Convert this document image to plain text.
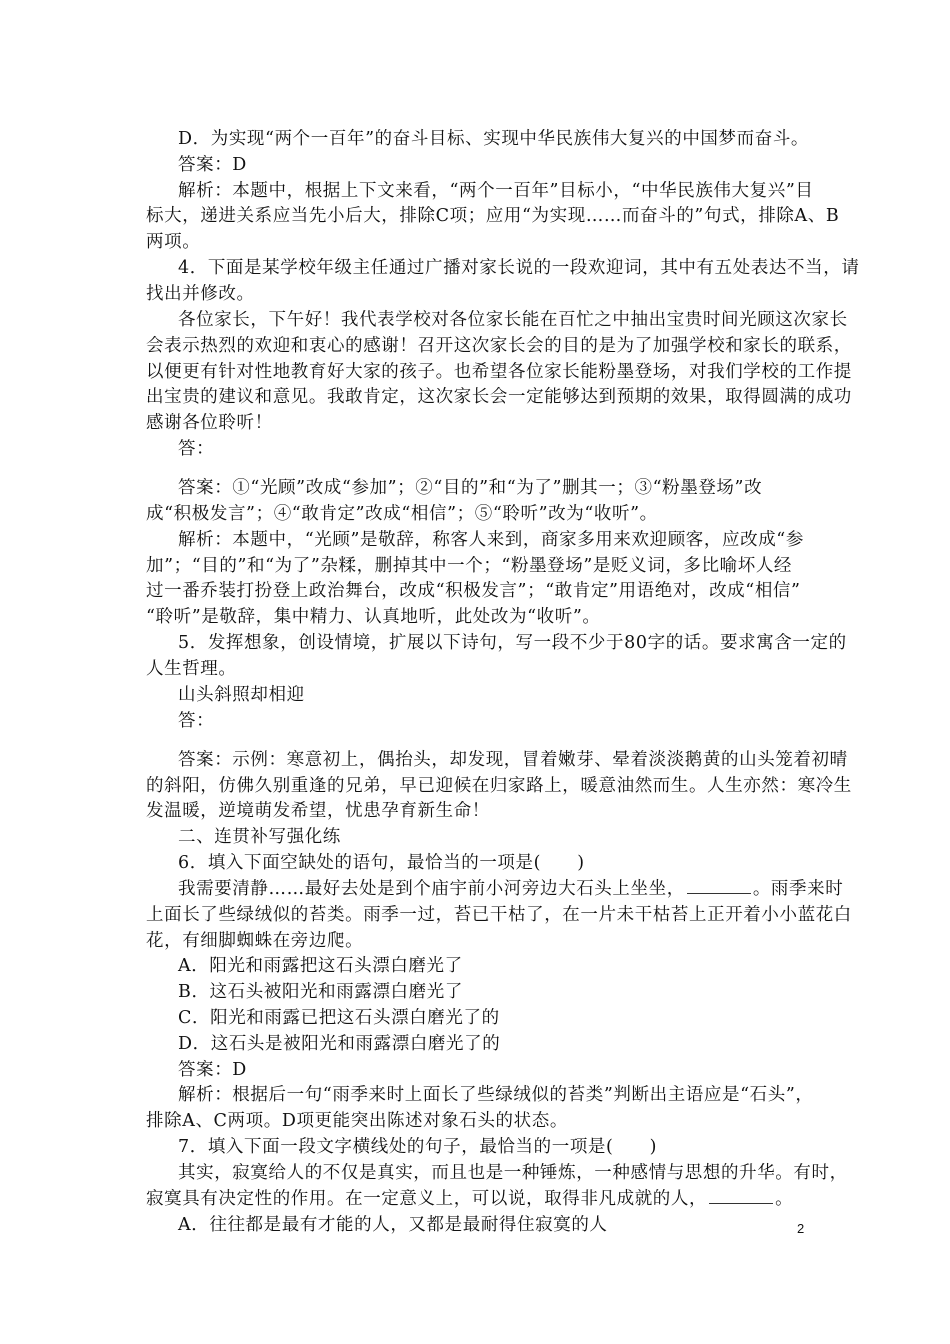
D．为实现“两个一百年”的奋斗目标、实现中华民族伟大复兴的中国梦而奋斗。
答案：D
解析：本题中，根据上下文来看，“两个一百年”目标小，“中华民族伟大复兴”目
标大，递进关系应当先小后大，排除C项；应用“为实现……而奋斗的”句式，排除A、B
两项。
4．下面是某学校年级主任通过广播对家长说的一段欢迎词，其中有五处表达不当，请
找出并修改。
各位家长，下午好！我代表学校对各位家长能在百忙之中抽出宝贵时间光顾这次家长
会表示热烈的欢迎和衷心的感谢！召开这次家长会的目的是为了加强学校和家长的联系，
以便更有针对性地教育好大家的孩子。也希望各位家长能粉墨登场，对我们学校的工作提
出宝贵的建议和意见。我敢肯定，这次家长会一定能够达到预期的效果，取得圆满的成功
感谢各位聆听！
答：
答案：①“光顾”改成“参加”；②“目的”和“为了”删其一；③“粉墨登场”改
成“积极发言”；④“敢肯定”改成“相信”；⑤“聆听”改为“收听”。
解析：本题中，“光顾”是敬辞，称客人来到，商家多用来欢迎顾客，应改成“参
加”；“目的”和“为了”杂糅，删掉其中一个；“粉墨登场”是贬义词，多比喻坏人经
过一番乔装打扮登上政治舞台，改成“积极发言”；“敢肯定”用语绝对，改成“相信”
“聆听”是敬辞，集中精力、认真地听，此处改为“收听”。
5．发挥想象，创设情境，扩展以下诗句，写一段不少于80字的话。要求寓含一定的
人生哲理。
山头斜照却相迎
答：
答案：示例：寒意初上，偶抬头，却发现，冒着嫩芽、晕着淡淡鹅黄的山头笼着初晴
的斜阳，仿佛久别重逢的兄弟，早已迎候在归家路上，暖意油然而生。人生亦然：寒冷生
发温暖，逆境萌发希望，忧患孕育新生命！
二、连贯补写强化练
6．填入下面空缺处的语句，最恰当的一项是(　　)
我需要清静……最好去处是到个庙宇前小河旁边大石头上坐坐，	。雨季来时
上面长了些绿绒似的苔类。雨季一过，苔已干枯了，在一片未干枯苔上正开着小小蓝花白
花，有细脚蜘蛛在旁边爬。
A．阳光和雨露把这石头漂白磨光了
B．这石头被阳光和雨露漂白磨光了
C．阳光和雨露已把这石头漂白磨光了的
D．这石头是被阳光和雨露漂白磨光了的
答案：D
解析：根据后一句“雨季来时上面长了些绿绒似的苔类”判断出主语应是“石头”，
排除A、C两项。D项更能突出陈述对象石头的状态。
7．填入下面一段文字横线处的句子，最恰当的一项是(　　)
其实，寂寞给人的不仅是真实，而且也是一种锤炼，一种感情与思想的升华。有时，
寂寞具有决定性的作用。在一定意义上，可以说，取得非凡成就的人，	。
A．往往都是最有才能的人，又都是最耐得住寂寞的人	2
